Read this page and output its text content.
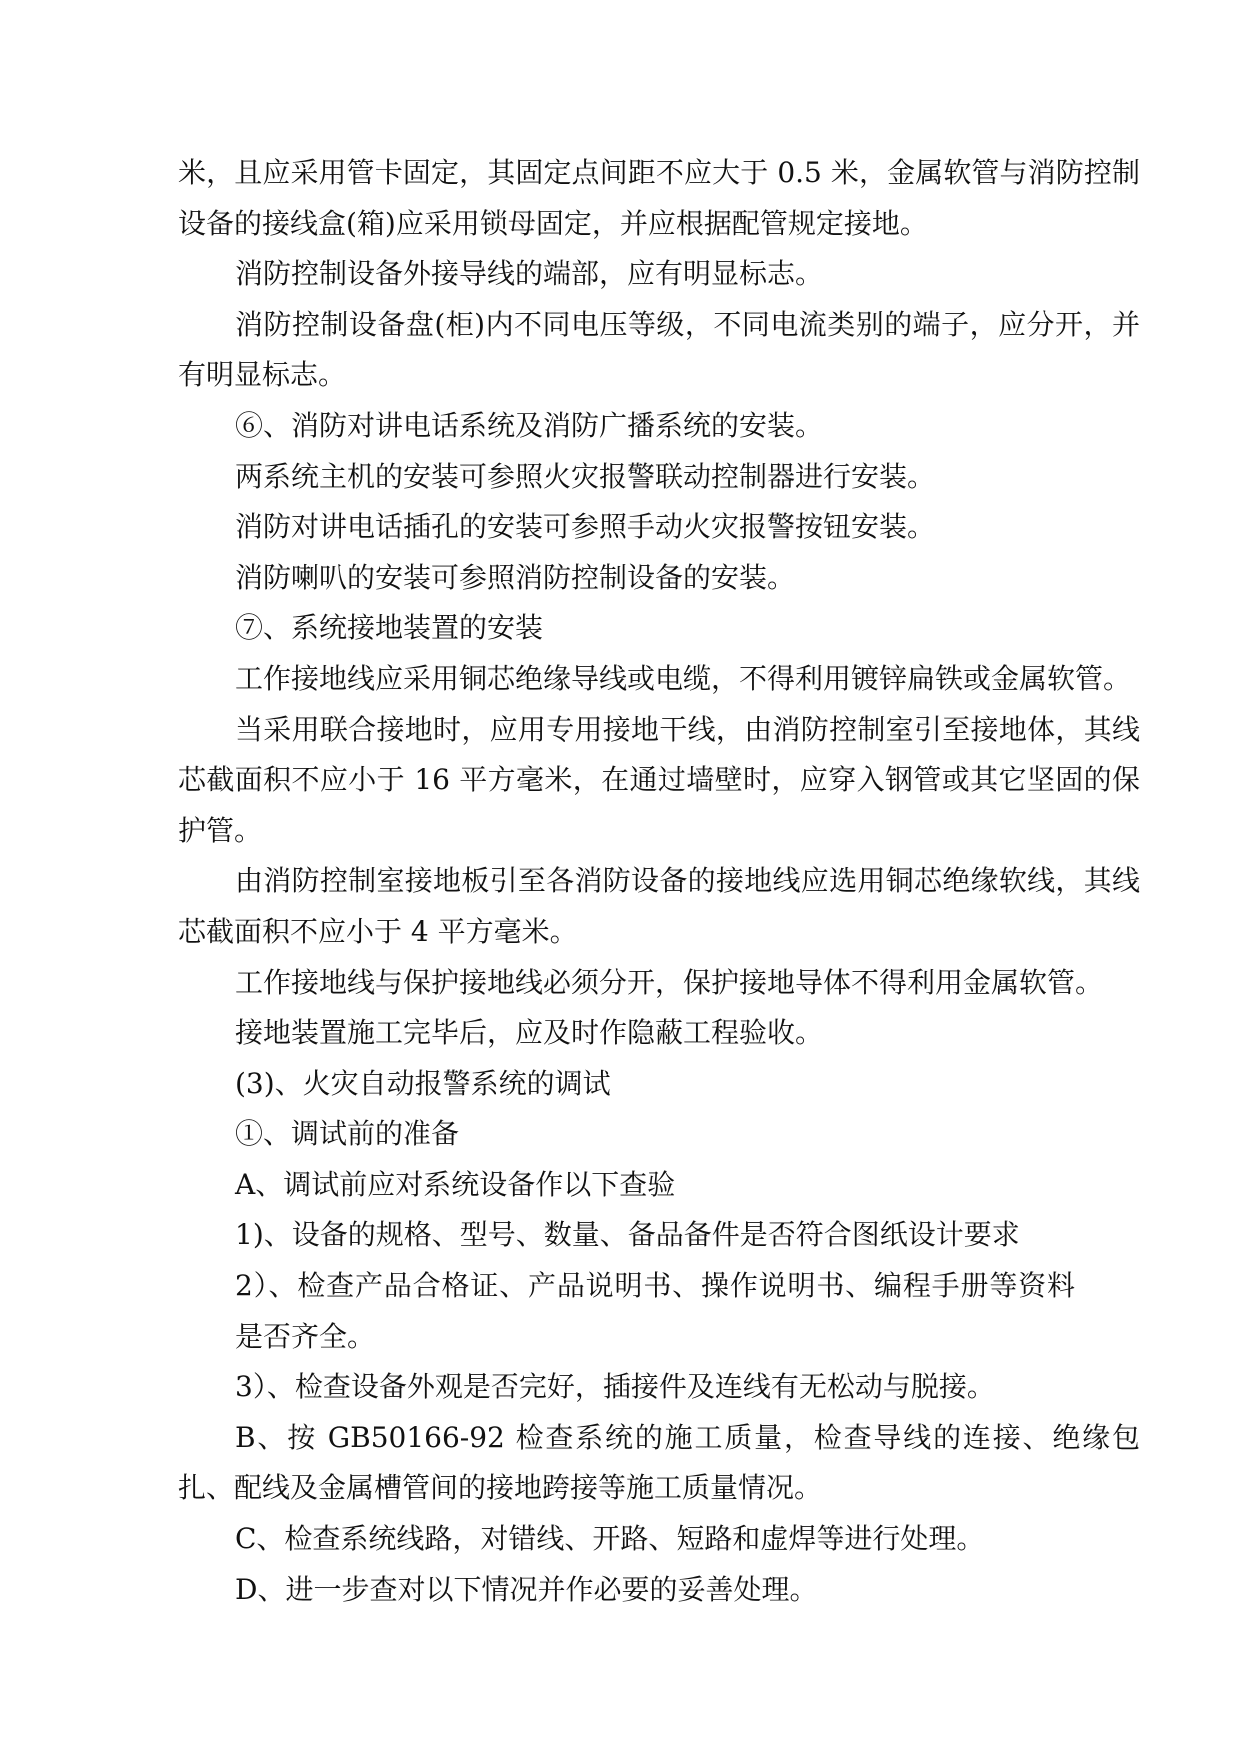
米，且应采用管卡固定，其固定点间距不应大于 0.5 米，金属软管与消防控制设备的接线盒(箱)应采用锁母固定，并应根据配管规定接地。

消防控制设备外接导线的端部，应有明显标志。

消防控制设备盘(柜)内不同电压等级，不同电流类别的端子，应分开，并有明显标志。

⑥、消防对讲电话系统及消防广播系统的安装。

两系统主机的安装可参照火灾报警联动控制器进行安装。

消防对讲电话插孔的安装可参照手动火灾报警按钮安装。

消防喇叭的安装可参照消防控制设备的安装。

⑦、系统接地装置的安装

工作接地线应采用铜芯绝缘导线或电缆，不得利用镀锌扁铁或金属软管。

当采用联合接地时，应用专用接地干线，由消防控制室引至接地体，其线芯截面积不应小于 16 平方毫米，在通过墙壁时，应穿入钢管或其它坚固的保护管。

由消防控制室接地板引至各消防设备的接地线应选用铜芯绝缘软线，其线芯截面积不应小于 4 平方毫米。

工作接地线与保护接地线必须分开，保护接地导体不得利用金属软管。

接地装置施工完毕后，应及时作隐蔽工程验收。

(3)、火灾自动报警系统的调试

①、调试前的准备

A、调试前应对系统设备作以下查验

1)、设备的规格、型号、数量、备品备件是否符合图纸设计要求

2）、检查产品合格证、产品说明书、操作说明书、编程手册等资料是否齐全。

3）、检查设备外观是否完好，插接件及连线有无松动与脱接。

B、按 GB50166-92 检查系统的施工质量，检查导线的连接、绝缘包扎、配线及金属槽管间的接地跨接等施工质量情况。

C、检查系统线路，对错线、开路、短路和虚焊等进行处理。

D、进一步查对以下情况并作必要的妥善处理。
